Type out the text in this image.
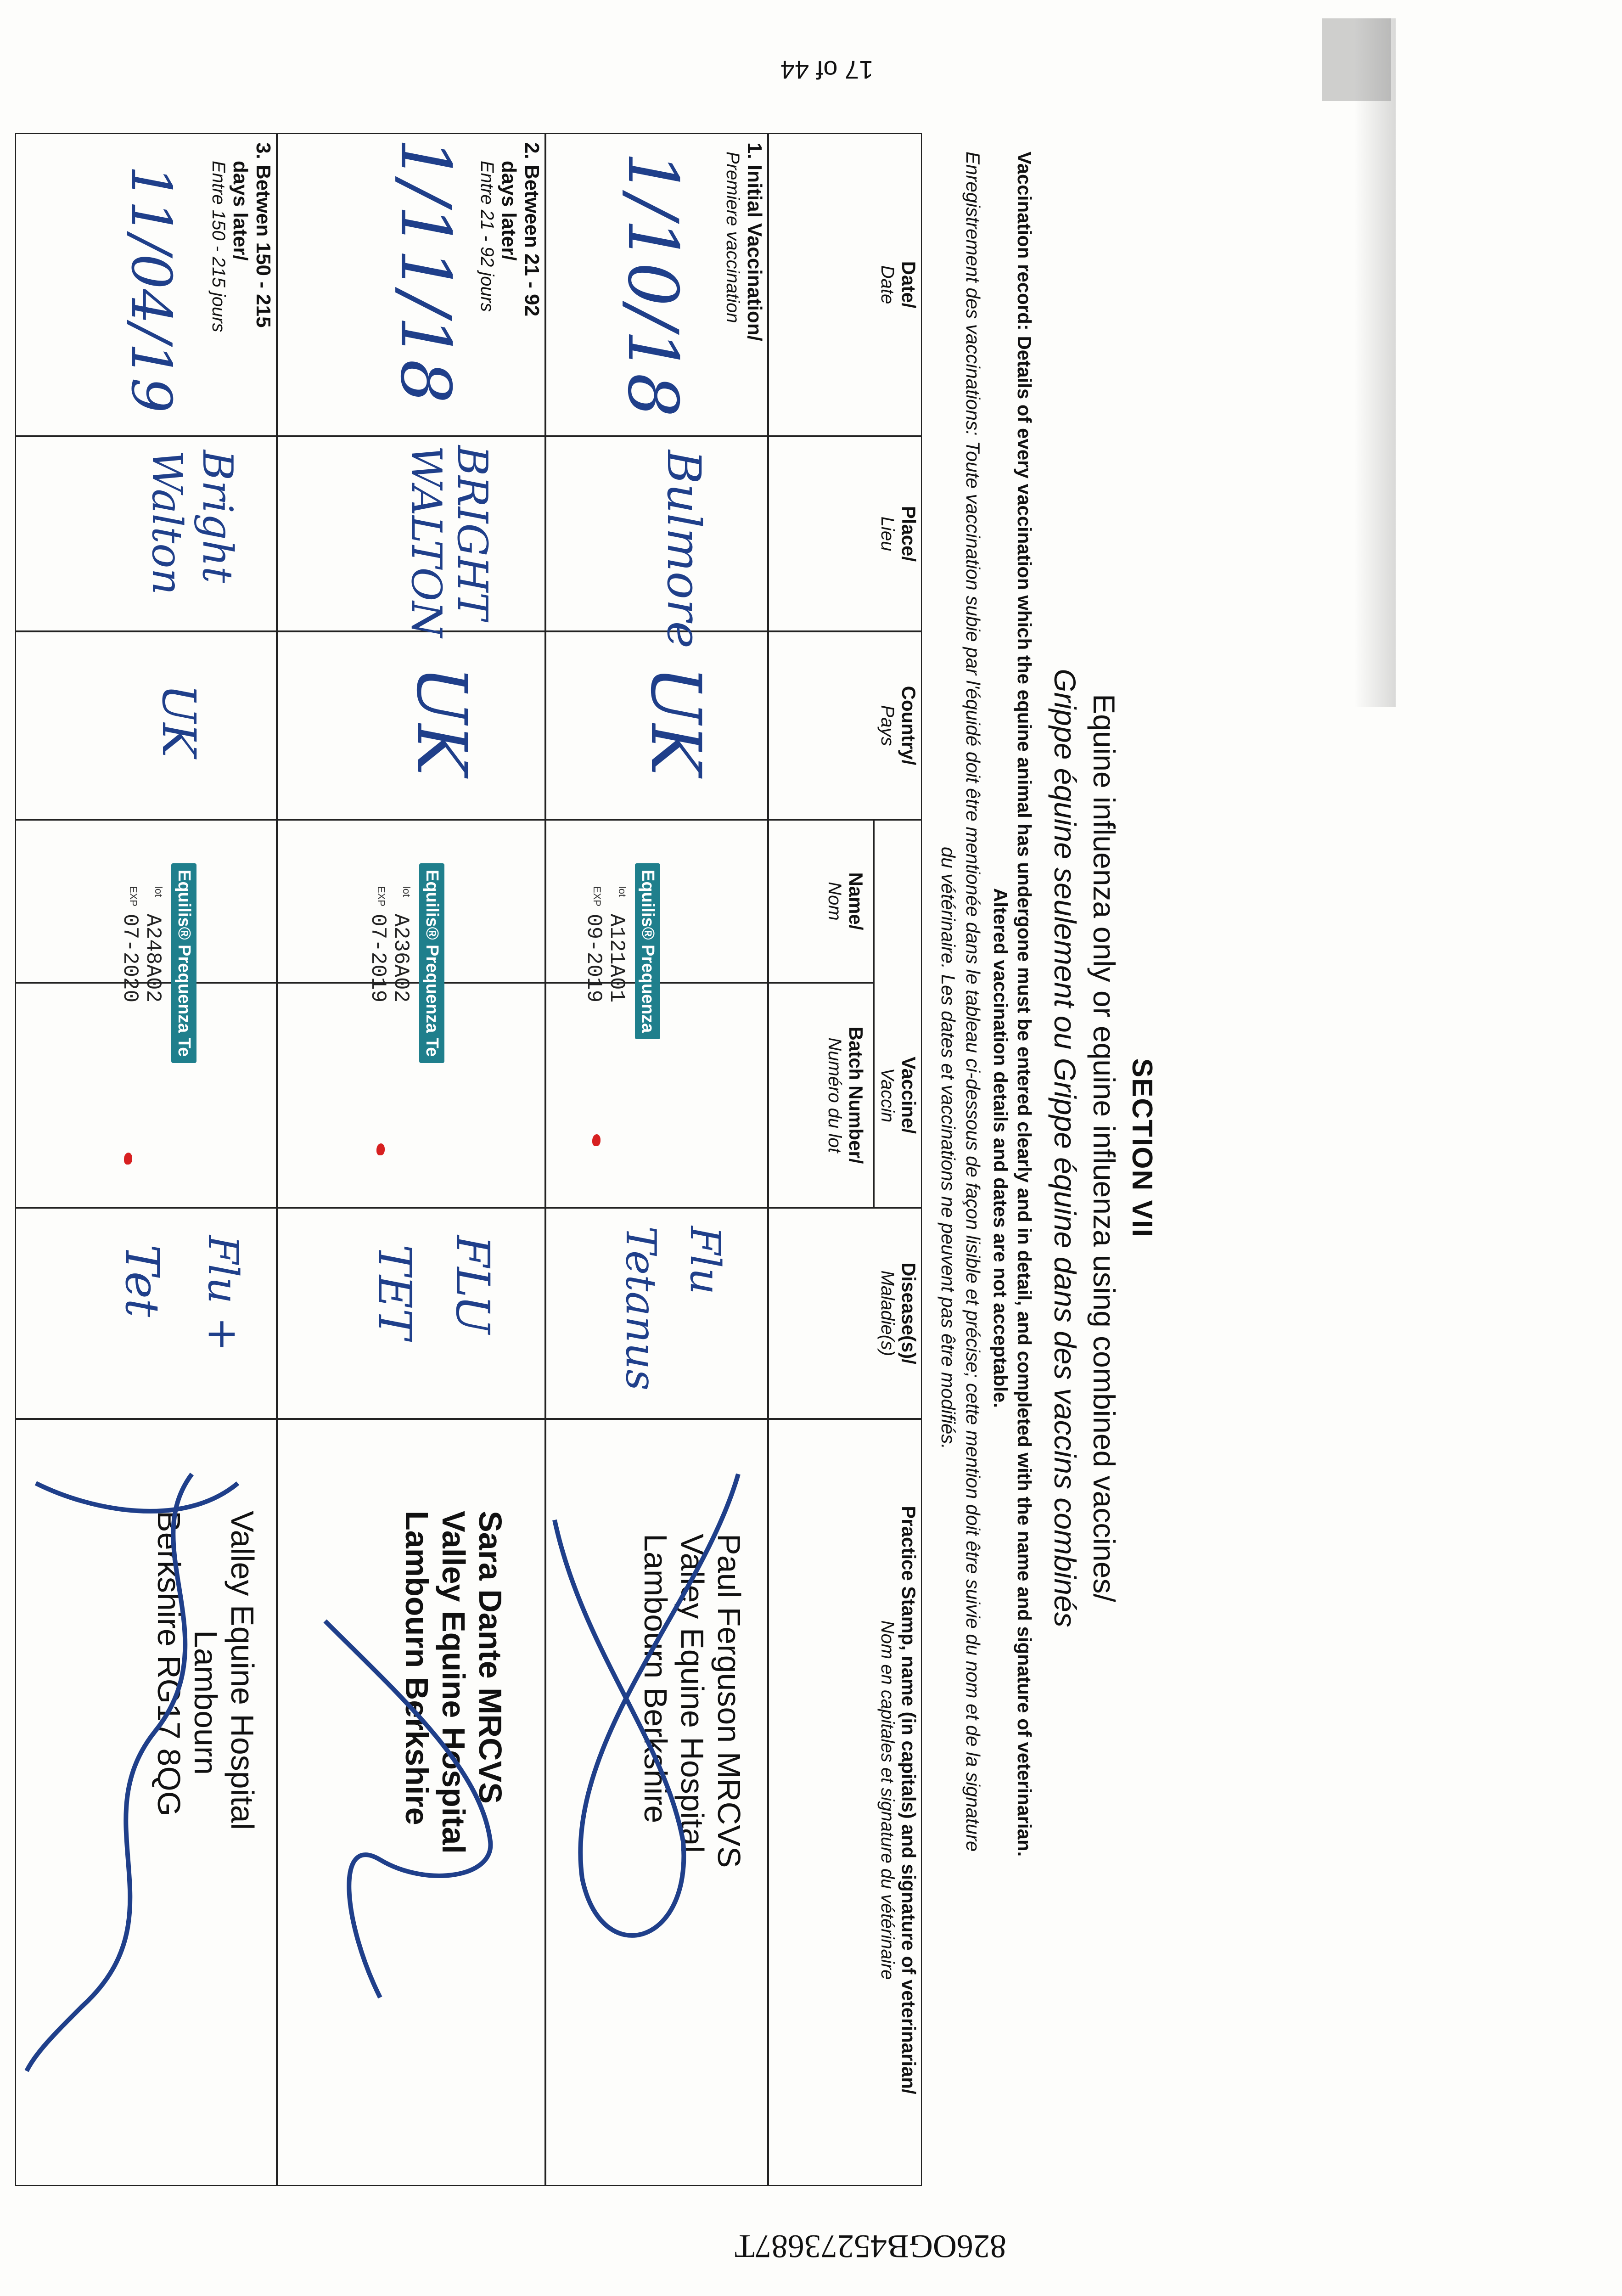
SECTION VII
Equine influenza only or equine influenza using combined vaccines/
Grippe équine seulement ou Grippe équine dans des vaccins combinés
Vaccination record: Details of every vaccination which the equine animal has undergone must be entered clearly and in detail, and completed with the name and signature of veterinarian.
Altered vaccination details and dates are not acceptable.
Enregistrement des vaccinations: Toute vaccination subie par l'équidé doit être mentionée dans le tableau ci-dessous de façon lisible et précise; cette mention doit être suivie du nom et de la signature
du vétérinaire. Les dates et vaccinations ne peuvent pas être modifiés.
Date/
Date
Place/
Lieu
Country/
Pays
Vaccine/
Vaccin
Name/
Nom
Batch Number/
Numéro du lot
Disease(s)/
Maladie(s)
Practice Stamp, name (in capitals) and signature of veterinarian/
Nom en capitales et signature du vétérinaire
1. Initial Vaccination/
Premiere vaccination
1/10/18
Bulmore
UK
Equilis® Prequenza
A121A01
09-2019
lot
EXP
Flu
Tetanus
Paul Ferguson MRCVS
Valley Equine Hospital
Lambourn Berkshire
2. Between 21 - 92
days later/
Entre 21 - 92 jours
1/11/18
BRIGHT WALTON
UK
Equilis® Prequenza Te
A236A02
07-2019
lot
EXP
FLU
TET
Sara Dante MRCVS
Valley Equine Hospital
Lambourn Berkshire
3. Betwen 150 - 215
days later/
Entre 150 - 215 jours
11/04/19
Bright Walton
UK
Equilis® Prequenza Te
A248A02
07-2020
lot
EXP
Flu +
Tet
Valley Equine Hospital
Lambourn
Berkshire RG17 8QG
17 of 44
826OGB45273687T
